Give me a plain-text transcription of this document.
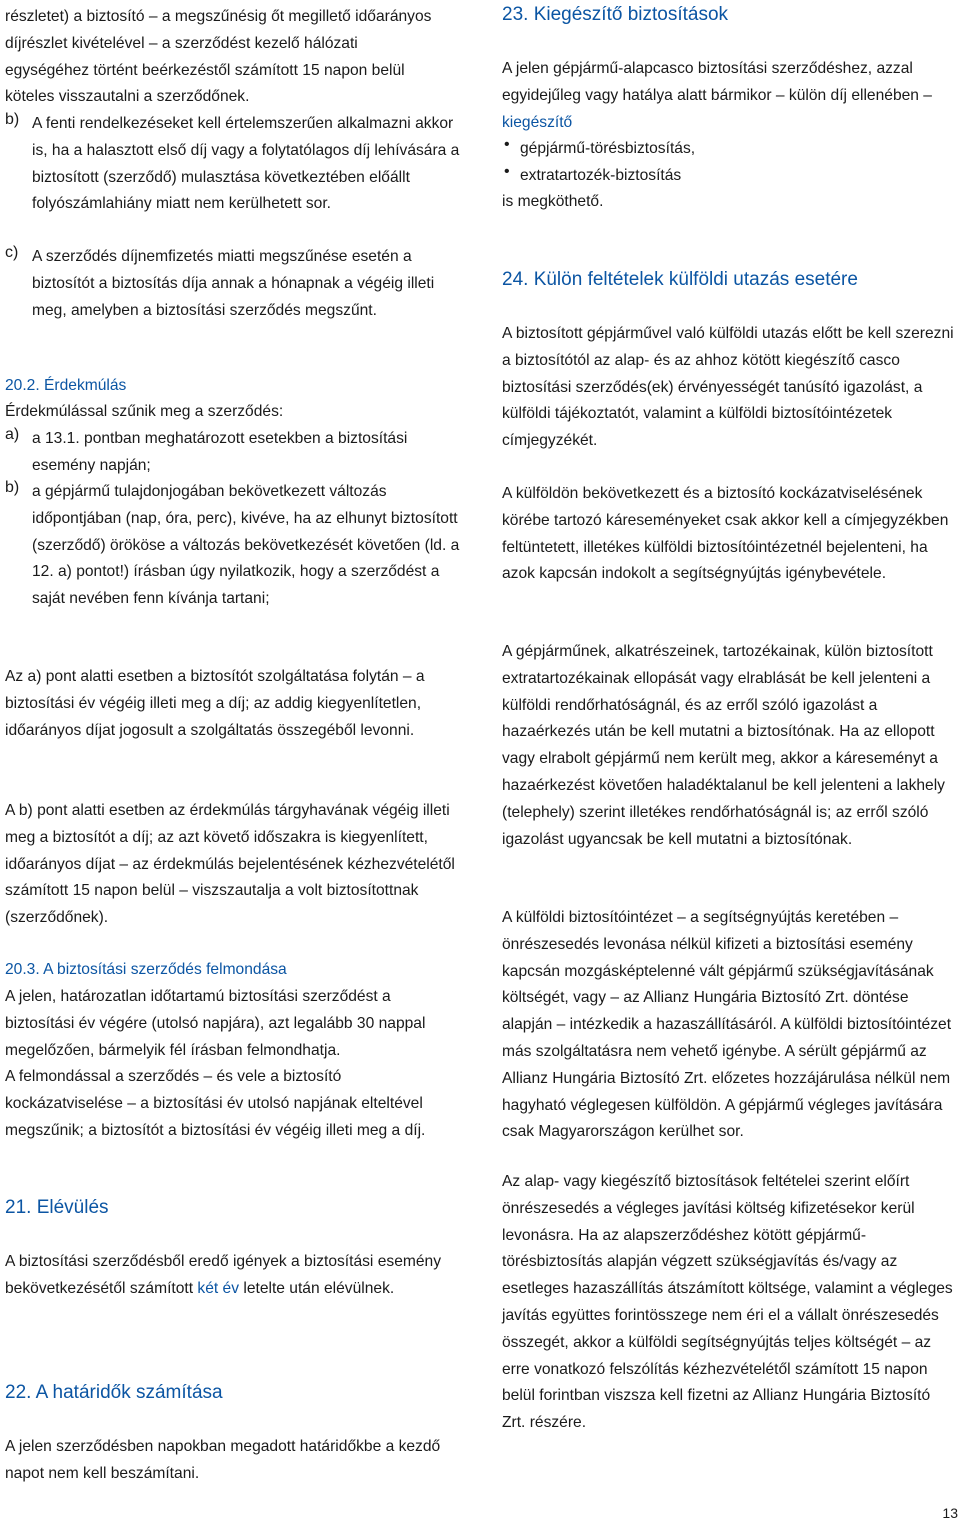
részletet) a biztosító – a megszűnésig őt megillető időarányos díjrészlet kivételével – a szerződést kezelő hálózati egységéhez történt beérkezéstől számított 15 napon belül köteles visszautalni a szerződőnek.

b) A fenti rendelkezéseket kell értelemszerűen alkalmazni akkor is, ha a halasztott első díj vagy a folytatólagos díj lehívására a biztosított (szerződő) mulasztása következtében előállt folyószámlahiány miatt nem kerülhetett sor.

c) A szerződés díjnemfizetés miatti megszűnése esetén a biztosítót a biztosítás díja annak a hónapnak a végéig illeti meg, amelyben a biztosítási szerződés megszűnt.

20.2. Érdekmúlás

Érdekmúlással szűnik meg a szerződés:

a) a 13.1. pontban meghatározott esetekben a biztosítási esemény napján;

b) a gépjármű tulajdonjogában bekövetkezett változás időpontjában (nap, óra, perc), kivéve, ha az elhunyt biztosított (szerződő) örököse a változás bekövetkezését követően (ld. a 12. a) pontot!) írásban úgy nyilatkozik, hogy a szerződést a saját nevében fenn kívánja tartani;

Az a) pont alatti esetben a biztosítót szolgáltatása folytán – a biztosítási év végéig illeti meg a díj; az addig kiegyenlítetlen, időarányos díjat jogosult a szolgáltatás összegéből levonni.

A b) pont alatti esetben az érdekmúlás tárgyhavának végéig illeti meg a biztosítót a díj; az azt követő időszakra is kiegyenlített, időarányos díjat – az érdekmúlás bejelentésének kézhezvételétől számított 15 napon belül – viszszautalja a volt biztosítottnak (szerződőnek).

20.3. A biztosítási szerződés felmondása

A jelen, határozatlan időtartamú biztosítási szerződést a biztosítási év végére (utolsó napjára), azt legalább 30 nappal megelőzően, bármelyik fél írásban felmondhatja.

A felmondással a szerződés – és vele a biztosító kockázatviselése – a biztosítási év utolsó napjának elteltével megszűnik; a biztosítót a biztosítási év végéig illeti meg a díj.

21. Elévülés

A biztosítási szerződésből eredő igények a biztosítási esemény bekövetkezésétől számított két év letelte után elévülnek.

22. A határidők számítása

A jelen szerződésben napokban megadott határidőkbe a kezdő napot nem kell beszámítani.

23. Kiegészítő biztosítások

A jelen gépjármű-alapcasco biztosítási szerződéshez, azzal egyidejűleg vagy hatálya alatt bármikor – külön díj ellenében – kiegészítő

• gépjármű-törésbiztosítás,

• extratartozék-biztosítás

is megköthető.

24. Külön feltételek külföldi utazás esetére

A biztosított gépjárművel való külföldi utazás előtt be kell szerezni a biztosítótól az alap- és az ahhoz kötött kiegészítő casco biztosítási szerződés(ek) érvényességét tanúsító igazolást, a külföldi tájékoztatót, valamint a külföldi biztosítóintézetek címjegyzékét.

A külföldön bekövetkezett és a biztosító kockázatviselésének körébe tartozó káreseményeket csak akkor kell a címjegyzékben feltüntetett, illetékes külföldi biztosítóintézetnél bejelenteni, ha azok kapcsán indokolt a segítségnyújtás igénybevétele.

A gépjárműnek, alkatrészeinek, tartozékainak, külön biztosított extratartozékainak ellopását vagy elrablását be kell jelenteni a külföldi rendőrhatóságnál, és az erről szóló igazolást a hazaérkezés után be kell mutatni a biztosítónak. Ha az ellopott vagy elrabolt gépjármű nem került meg, akkor a káreseményt a hazaérkezést követően haladéktalanul be kell jelenteni a lakhely (telephely) szerint illetékes rendőrhatóságnál is; az erről szóló igazolást ugyancsak be kell mutatni a biztosítónak.

A külföldi biztosítóintézet – a segítségnyújtás keretében – önrészesedés levonása nélkül kifizeti a biztosítási esemény kapcsán mozgásképtelenné vált gépjármű szükségjavításának költségét, vagy – az Allianz Hungária Biztosító Zrt. döntése alapján – intézkedik a hazaszállításáról. A külföldi biztosítóintézet más szolgáltatásra nem vehető igénybe. A sérült gépjármű az Allianz Hungária Biztosító Zrt. előzetes hozzájárulása nélkül nem hagyható véglegesen külföldön. A gépjármű végleges javítására csak Magyarországon kerülhet sor.

Az alap- vagy kiegészítő biztosítások feltételei szerint előírt önrészesedés a végleges javítási költség kifizetésekor kerül levonásra. Ha az alapszerződéshez kötött gépjármű-törésbiztosítás alapján végzett szükségjavítás és/vagy az esetleges hazaszállítás átszámított költsége, valamint a végleges javítás együttes forintösszege nem éri el a vállalt önrészesedés összegét, akkor a külföldi segítségnyújtás teljes költségét – az erre vonatkozó felszólítás kézhezvételétől számított 15 napon belül forintban viszsza kell fizetni az Allianz Hungária Biztosító Zrt. részére.

13
